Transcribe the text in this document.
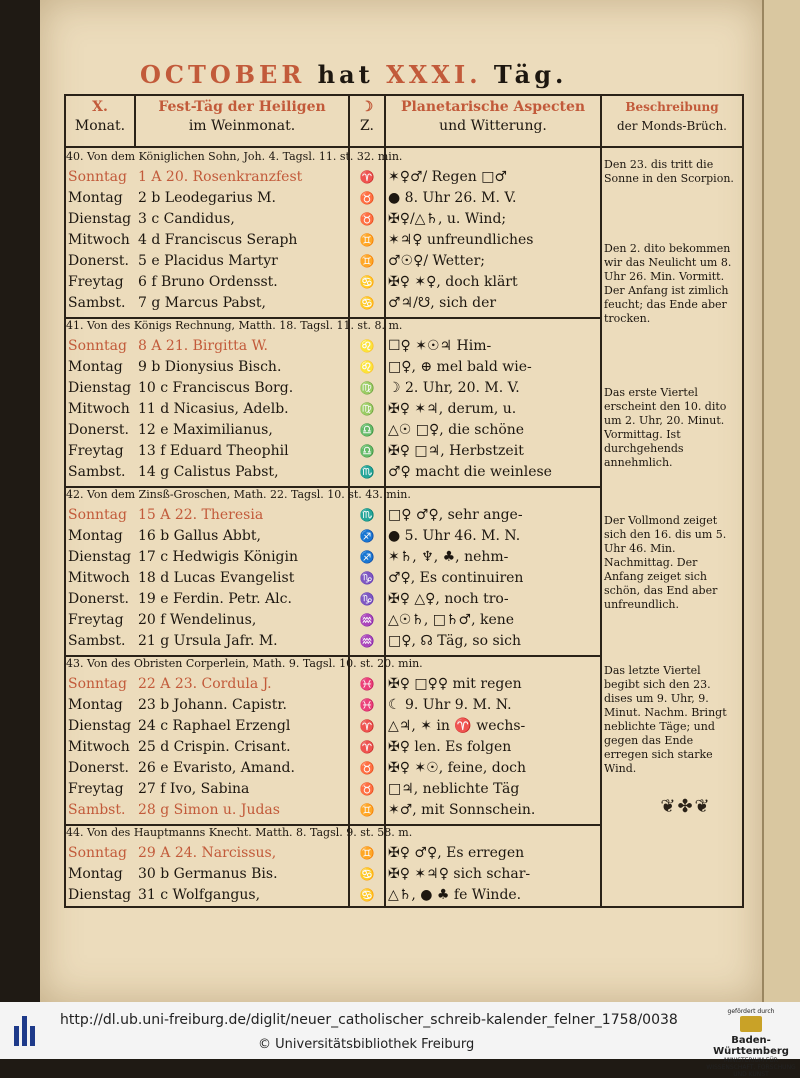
OCTOBER hat XXXI. Täg.
X.
Monat.
Fest-Täg der Heiligen
im Weinmonat.
☽
Z.
Planetarische Aspecten
und Witterung.
Beschreibung
der Monds-Brüch.
40. Von dem Königlichen Sohn, Joh. 4. Tagsl. 11. st. 32. min.
Sonntag 1 A 20. Rosenkranzfest	♈ ✶♀♂/ Regen □♂
Montag	2 b Leodegarius M.	♉ ● 8. Uhr 26. M. V.
Dienstag 3 c Candidus,	♉ ✠♀/△♄, u. Wind;
Mitwoch 4 d Franciscus Seraph	♊ ✶♃♀ unfreundliches
Donerst. 5 e Placidus Martyr	♊ ♂☉♀/ Wetter;
Freytag	6 f Bruno Ordensst.	♋ ✠♀ ✶♀, doch klärt
Sambst. 7 g Marcus Pabst,	♋ ♂♃/☋, sich der
41. Von des Königs Rechnung, Matth. 18. Tagsl. 11. st. 8. m.
Sonntag 8 A 21. Birgitta W.	♌ ☐♀ ✶☉♃ Him-
Montag	9 b Dionysius Bisch.	♌ □♀, ⊕ mel bald wie-
Dienstag 10 c Franciscus Borg.	♍ ☽ 2. Uhr, 20. M. V.
Mitwoch 11 d Nicasius, Adelb.	♍ ✠♀ ✶♃, derum, u.
Donerst. 12 e Maximilianus,	♎ △☉ □♀, die schöne
Freytag	13 f Eduard Theophil	♎ ✠♀ □♃, Herbstzeit
Sambst. 14 g Calistus Pabst,	♏ ♂♀ macht die weinlese
42. Von dem Zinsß-Groschen, Math. 22. Tagsl. 10. st. 43. min.
Sonntag 15 A 22. Theresia	♏ □♀ ♂♀, sehr ange-
Montag	16 b Gallus Abbt,	♐ ● 5. Uhr 46. M. N.
Dienstag 17 c Hedwigis Königin	♐ ✶♄, ♆, ♣, nehm-
Mitwoch 18 d Lucas Evangelist	♑ ♂♀, Es continuiren
Donerst. 19 e Ferdin. Petr. Alc.	♑ ✠♀ △♀, noch tro-
Freytag	20 f Wendelinus,	♒ △☉♄, □♄♂, kene
Sambst. 21 g Ursula Jafr. M.	♒ □♀, ☊ Täg, so sich
43. Von des Obristen Corperlein, Math. 9. Tagsl. 10. st. 20. min.
Sonntag 22 A 23. Cordula J.	♓ ✠♀ □♀♀ mit regen
Montag	23 b Johann. Capistr.	♓ ☾ 9. Uhr 9. M. N.
Dienstag 24 c Raphael Erzengl	♈ △♃, ✶ in ♈ wechs-
Mitwoch 25 d Crispin. Crisant.	♈ ✠♀ len. Es folgen
Donerst. 26 e Evaristo, Amand.	♉ ✠♀ ✶☉, feine, doch
Freytag	27 f Ivo, Sabina	♉ □♃, neblichte Täg
Sambst. 28 g Simon u. Judas	♊ ✶♂, mit Sonnschein.
44. Von des Hauptmanns Knecht. Matth. 8. Tagsl. 9. st. 58. m.
Sonntag 29 A 24. Narcissus,	♊ ✠♀ ♂♀, Es erregen
Montag	30 b Germanus Bis.	♋ ✠♀ ✶♃♀ sich schar-
Dienstag 31 c Wolfgangus,	♋ △♄, ● ♣ fe Winde.
Den 23. dis tritt die Sonne in den Scorpion.
Den 2. dito bekommen wir das Neulicht um 8. Uhr 26. Min. Vormitt. Der Anfang ist zimlich feucht; das Ende aber trocken.
Das erste Viertel erscheint den 10. dito um 2. Uhr, 20. Minut. Vormittag. Ist durchgehends annehmlich.
Der Vollmond zeiget sich den 16. dis um 5. Uhr 46. Min. Nachmittag. Der Anfang zeiget sich schön, das End aber unfreundlich.
Das letzte Viertel begibt sich den 23. dises um 9. Uhr, 9. Minut. Nachm. Bringt neblichte Täge; und gegen das Ende erregen sich starke Wind.
❦✤❦
http://dl.ub.uni-freiburg.de/diglit/neuer_catholischer_schreib-kalender_felner_1758/0038
© Universitätsbibliothek Freiburg
gefördert durch
Baden-Württemberg
MINISTERIUM FÜR WISSENSCHAFT, FORSCHUNG UND KUNST
